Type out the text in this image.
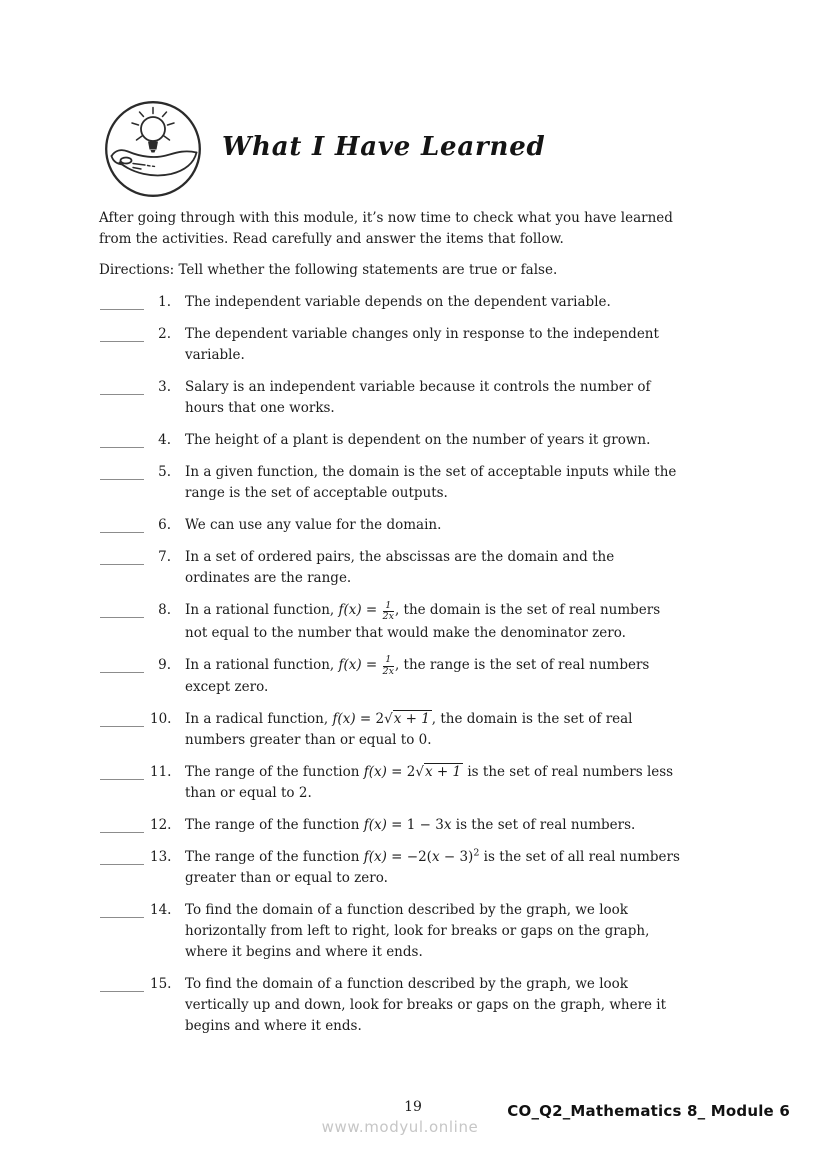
What I Have Learned
After going through with this module, it’s now time to check what you have learned
from the activities. Read carefully and answer the items that follow.
Directions: Tell whether the following statements are true or false.
1. The independent variable depends on the dependent variable.
2. The dependent variable changes only in response to the independent
variable.
3. Salary is an independent variable because it controls the number of
hours that one works.
4. The height of a plant is dependent on the number of years it grown.
5. In a given function, the domain is the set of acceptable inputs while the
range is the set of acceptable outputs.
6. We can use any value for the domain.
7. In a set of ordered pairs, the abscissas are the domain and the
ordinates are the range.
8. In a rational function, $f(x) = \frac{1}{2x}$ , the domain is the set of real numbers
not equal to the number that would make the denominator zero.
9. In a rational function, $f(x) = \frac{1}{2x}$ , the range is the set of real numbers
except zero.
10. In a radical function, f(x) = 2√x + 1 , the domain is the set of real
numbers greater than or equal to 0.
11. The range of the function f(x) = 2√x + 1 is the set of real numbers less
than or equal to 2.
12. The range of the function f(x) = 1 − 3x is the set of real numbers.
13. The range of the function $f(x) = -2(x - 3)^2$ is the set of all real numbers
greater than or equal to zero.
14. To find the domain of a function described by the graph, we look
horizontally from left to right, look for breaks or gaps on the graph,
where it begins and where it ends.
15. To find the domain of a function described by the graph, we look
vertically up and down, look for breaks or gaps on the graph, where it
begins and where it ends.
19
www.modyul.online
CO_Q2_Mathematics 8_ Module 6
